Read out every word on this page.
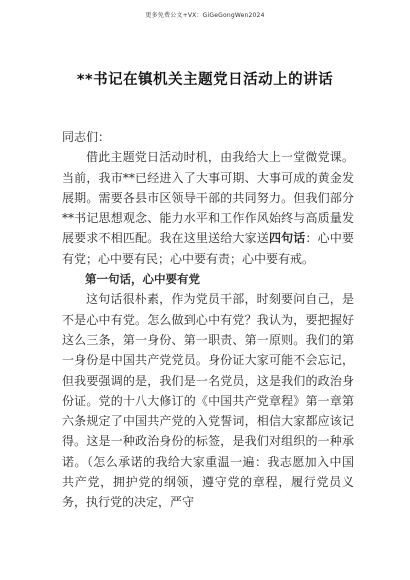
更多免费公文+VX：GiGeGongWen2024
**书记在镇机关主题党日活动上的讲话

同志们：

借此主题党日活动时机，由我给大上一堂微党课。当前，我市**已经进入了大事可期、大事可成的黄金发展期。需要各县市区领导干部的共同努力。但我们部分**书记思想观念、能力水平和工作作风始终与高质量发展要求不相匹配。我在这里送给大家送四句话：心中要有党；心中要有民；心中要有责；心中要有戒。

第一句话，心中要有党

这句话很朴素，作为党员干部，时刻要问自己，是不是心中有党。怎么做到心中有党？我认为，要把握好这么三条，第一身份、第一职责、第一原则。我们的第一身份是中国共产党党员。身份证大家可能不会忘记，但我要强调的是，我们是一名党员，这是我们的政治身份证。党的十八大修订的《中国共产党章程》第一章第六条规定了中国共产党的入党誓词，相信大家都应该记得。这是一种政治身份的标签，是我们对组织的一种承诺。（怎么承诺的我给大家重温一遍：我志愿加入中国共产党，拥护党的纲领，遵守党的章程，履行党员义务，执行党的决定，严守
